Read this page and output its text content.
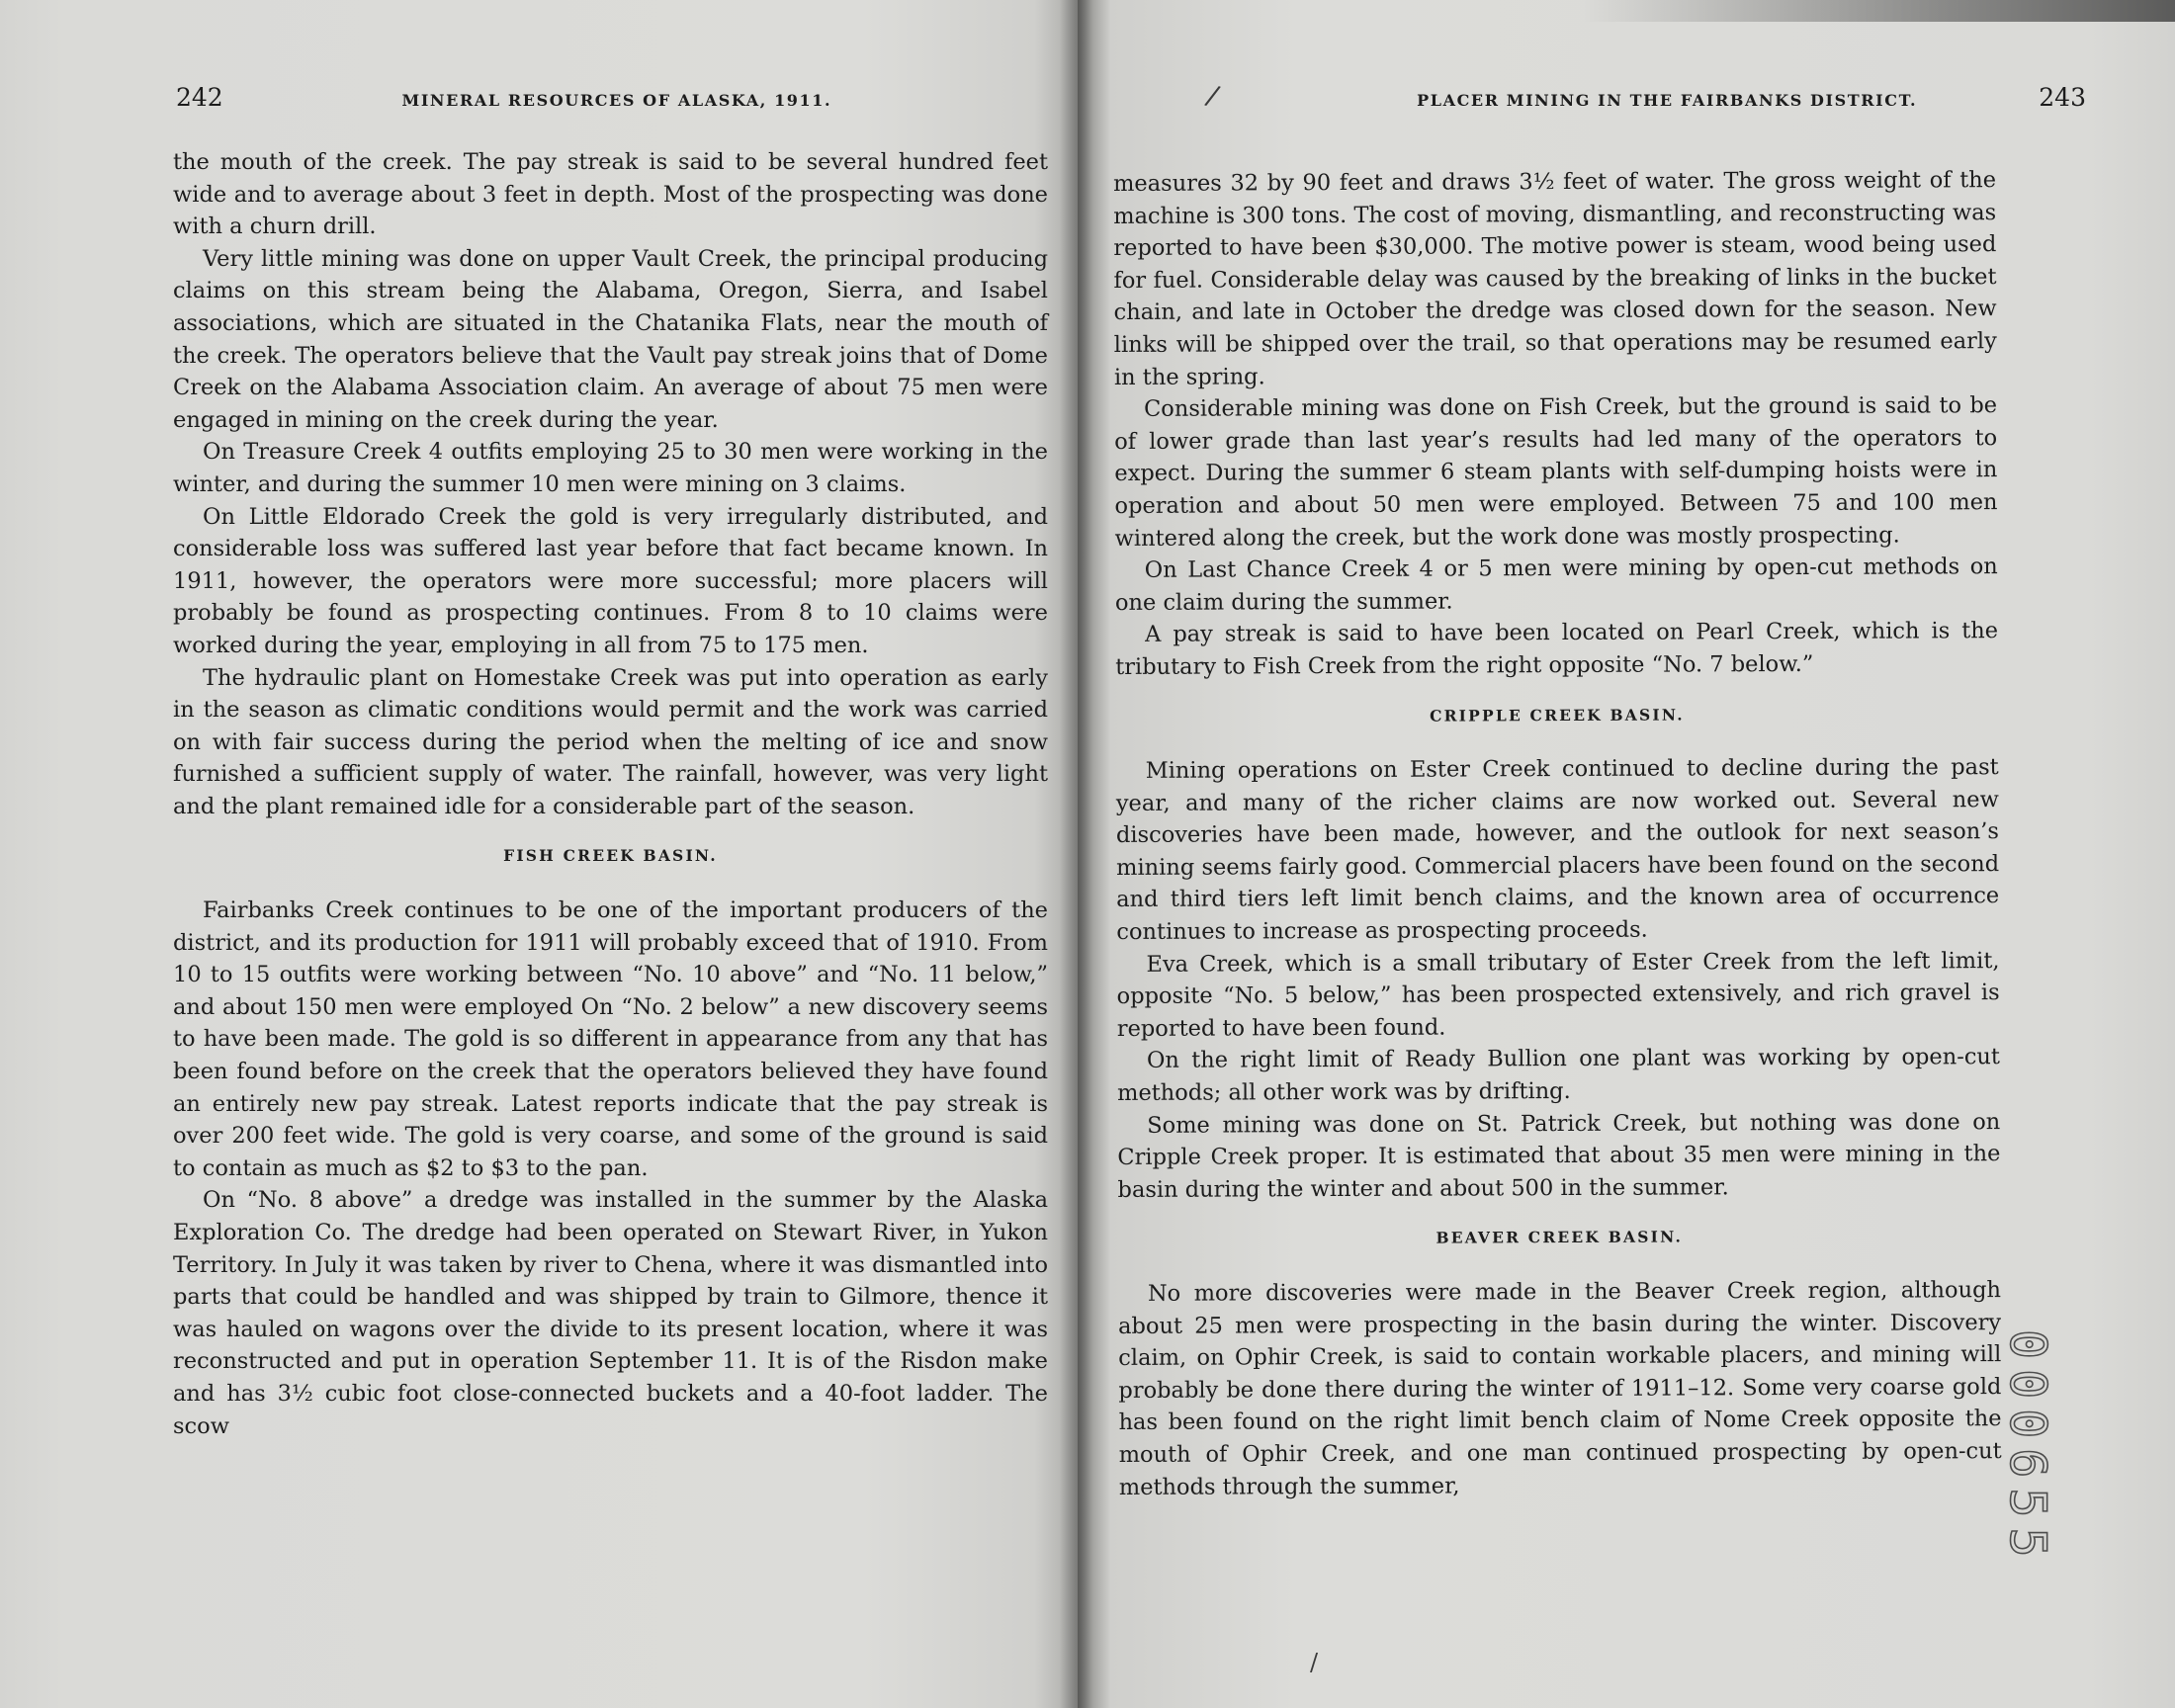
242	MINERAL RESOURCES OF ALASKA, 1911.

the mouth of the creek. The pay streak is said to be several hundred feet wide and to average about 3 feet in depth. Most of the prospecting was done with a churn drill.

Very little mining was done on upper Vault Creek, the principal producing claims on this stream being the Alabama, Oregon, Sierra, and Isabel associations, which are situated in the Chatanika Flats, near the mouth of the creek. The operators believe that the Vault pay streak joins that of Dome Creek on the Alabama Association claim. An average of about 75 men were engaged in mining on the creek during the year.

On Treasure Creek 4 outfits employing 25 to 30 men were working in the winter, and during the summer 10 men were mining on 3 claims.

On Little Eldorado Creek the gold is very irregularly distributed, and considerable loss was suffered last year before that fact became known. In 1911, however, the operators were more successful; more placers will probably be found as prospecting continues. From 8 to 10 claims were worked during the year, employing in all from 75 to 175 men.

The hydraulic plant on Homestake Creek was put into operation as early in the season as climatic conditions would permit and the work was carried on with fair success during the period when the melting of ice and snow furnished a sufficient supply of water. The rainfall, however, was very light and the plant remained idle for a considerable part of the season.

FISH CREEK BASIN.

Fairbanks Creek continues to be one of the important producers of the district, and its production for 1911 will probably exceed that of 1910. From 10 to 15 outfits were working between “No. 10 above” and “No. 11 below,” and about 150 men were employed On “No. 2 below” a new discovery seems to have been made. The gold is so different in appearance from any that has been found before on the creek that the operators believed they have found an entirely new pay streak. Latest reports indicate that the pay streak is over 200 feet wide. The gold is very coarse, and some of the ground is said to contain as much as $2 to $3 to the pan.

On “No. 8 above” a dredge was installed in the summer by the Alaska Exploration Co. The dredge had been operated on Stewart River, in Yukon Territory. In July it was taken by river to Chena, where it was dismantled into parts that could be handled and was shipped by train to Gilmore, thence it was hauled on wagons over the divide to its present location, where it was reconstructed and put in operation September 11. It is of the Risdon make and has 3½ cubic foot close-connected buckets and a 40-foot ladder. The scow

PLACER MINING IN THE FAIRBANKS DISTRICT.	243

measures 32 by 90 feet and draws 3½ feet of water. The gross weight of the machine is 300 tons. The cost of moving, dismantling, and reconstructing was reported to have been $30,000. The motive power is steam, wood being used for fuel. Considerable delay was caused by the breaking of links in the bucket chain, and late in October the dredge was closed down for the season. New links will be shipped over the trail, so that operations may be resumed early in the spring.

Considerable mining was done on Fish Creek, but the ground is said to be of lower grade than last year’s results had led many of the operators to expect. During the summer 6 steam plants with self-dumping hoists were in operation and about 50 men were employed. Between 75 and 100 men wintered along the creek, but the work done was mostly prospecting.

On Last Chance Creek 4 or 5 men were mining by open-cut methods on one claim during the summer.

A pay streak is said to have been located on Pearl Creek, which is the tributary to Fish Creek from the right opposite “No. 7 below.”

CRIPPLE CREEK BASIN.

Mining operations on Ester Creek continued to decline during the past year, and many of the richer claims are now worked out. Several new discoveries have been made, however, and the outlook for next season’s mining seems fairly good. Commercial placers have been found on the second and third tiers left limit bench claims, and the known area of occurrence continues to increase as prospecting proceeds.

Eva Creek, which is a small tributary of Ester Creek from the left limit, opposite “No. 5 below,” has been prospected extensively, and rich gravel is reported to have been found.

On the right limit of Ready Bullion one plant was working by open-cut methods; all other work was by drifting.

Some mining was done on St. Patrick Creek, but nothing was done on Cripple Creek proper. It is estimated that about 35 men were mining in the basin during the winter and about 500 in the summer.

BEAVER CREEK BASIN.

No more discoveries were made in the Beaver Creek region, although about 25 men were prospecting in the basin during the winter. Discovery claim, on Ophir Creek, is said to contain workable placers, and mining will probably be done there during the winter of 1911–12. Some very coarse gold has been found on the right limit bench claim of Nome Creek opposite the mouth of Ophir Creek, and one man continued prospecting by open-cut methods through the summer,	000655
/
/
